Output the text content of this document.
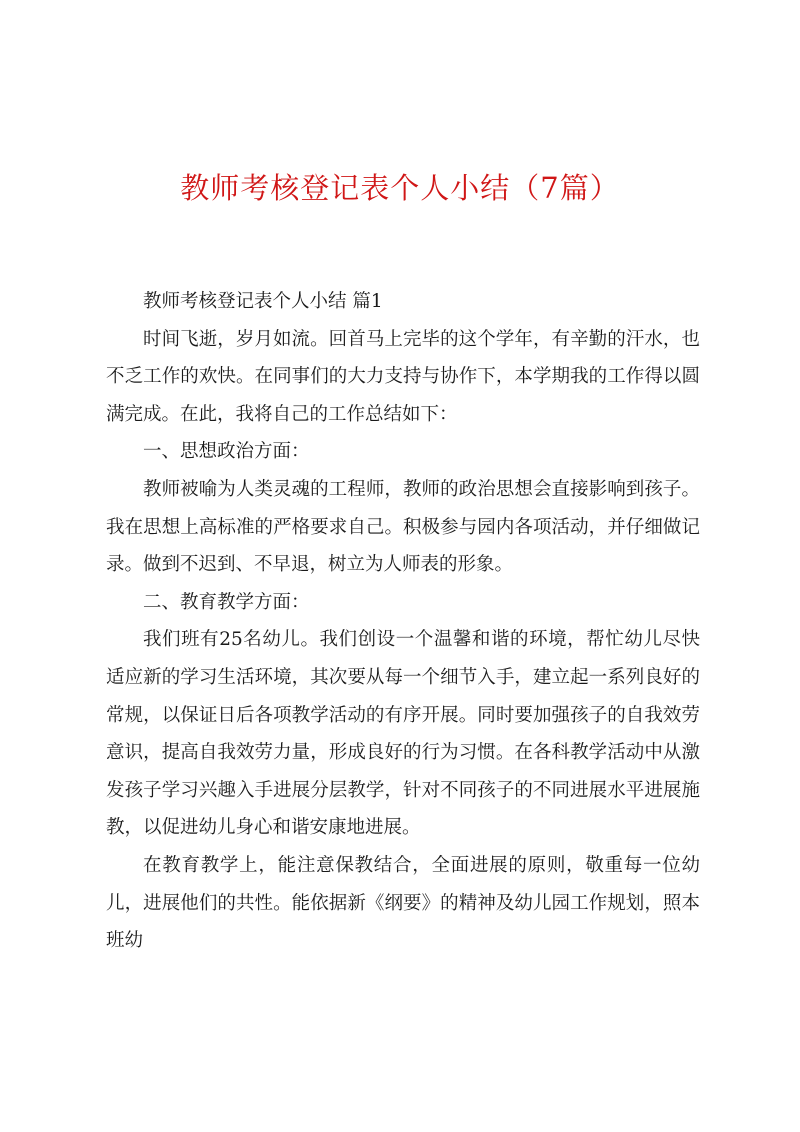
教师考核登记表个人小结（7篇）

教师考核登记表个人小结 篇1

时间飞逝，岁月如流。回首马上完毕的这个学年，有辛勤的汗水，也不乏工作的欢快。在同事们的大力支持与协作下，本学期我的工作得以圆满完成。在此，我将自己的工作总结如下：

一、思想政治方面：

教师被喻为人类灵魂的工程师，教师的政治思想会直接影响到孩子。我在思想上高标准的严格要求自己。积极参与园内各项活动，并仔细做记录。做到不迟到、不早退，树立为人师表的形象。

二、教育教学方面：

我们班有25名幼儿。我们创设一个温馨和谐的环境，帮忙幼儿尽快适应新的学习生活环境，其次要从每一个细节入手，建立起一系列良好的常规，以保证日后各项教学活动的有序开展。同时要加强孩子的自我效劳意识，提高自我效劳力量，形成良好的行为习惯。在各科教学活动中从激发孩子学习兴趣入手进展分层教学，针对不同孩子的不同进展水平进展施教，以促进幼儿身心和谐安康地进展。

在教育教学上，能注意保教结合，全面进展的原则，敬重每一位幼儿，进展他们的共性。能依据新《纲要》的精神及幼儿园工作规划，照本班幼
